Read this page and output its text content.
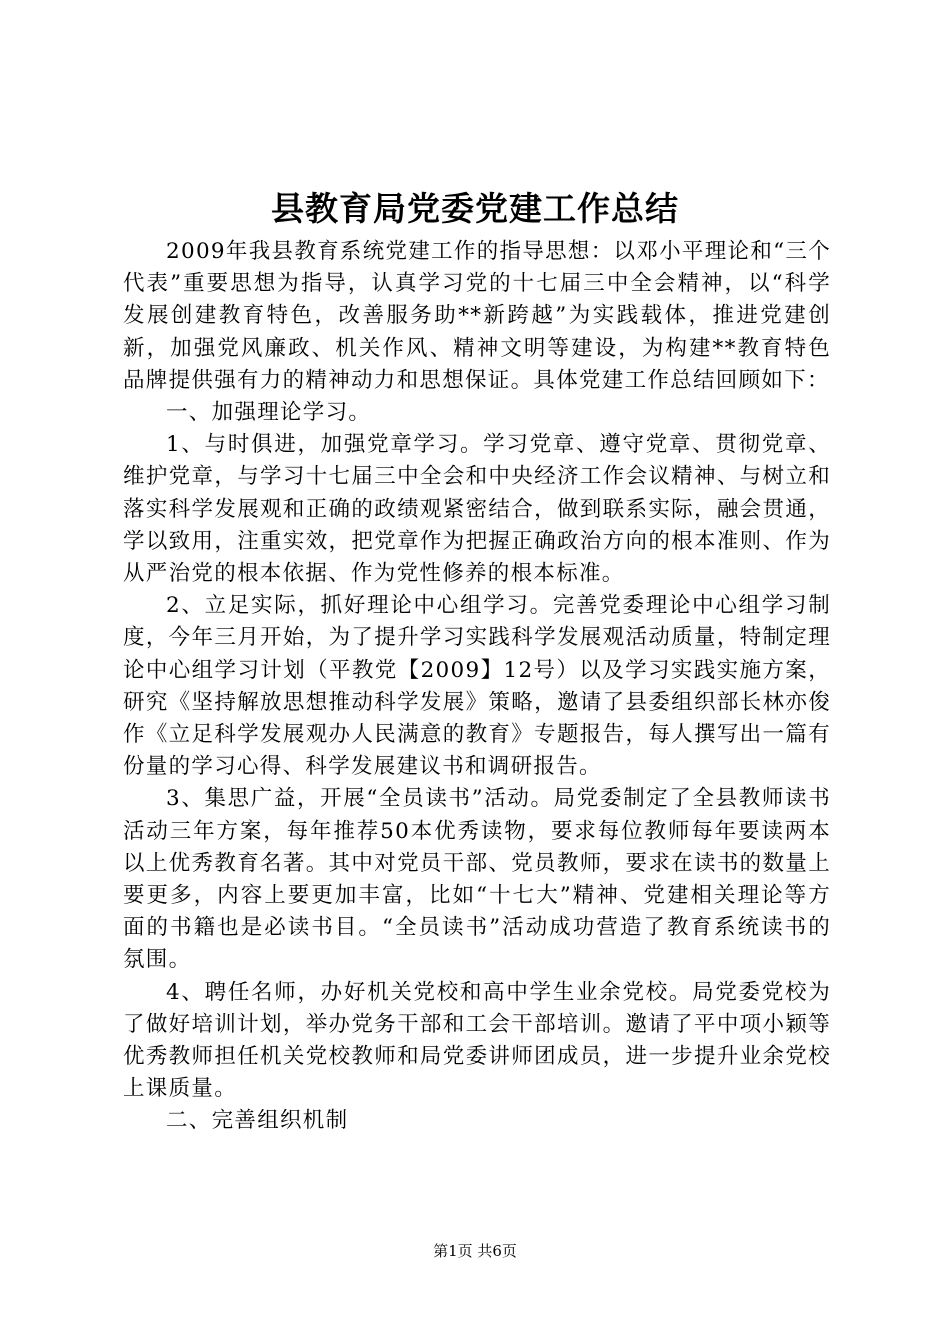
县教育局党委党建工作总结

2009年我县教育系统党建工作的指导思想：以邓小平理论和“三个代表”重要思想为指导，认真学习党的十七届三中全会精神，以“科学发展创建教育特色，改善服务助**新跨越”为实践载体，推进党建创新，加强党风廉政、机关作风、精神文明等建设，为构建**教育特色品牌提供强有力的精神动力和思想保证。具体党建工作总结回顾如下：

一、加强理论学习。

1、与时俱进，加强党章学习。学习党章、遵守党章、贯彻党章、维护党章，与学习十七届三中全会和中央经济工作会议精神、与树立和落实科学发展观和正确的政绩观紧密结合，做到联系实际，融会贯通，学以致用，注重实效，把党章作为把握正确政治方向的根本准则、作为从严治党的根本依据、作为党性修养的根本标准。

2、立足实际，抓好理论中心组学习。完善党委理论中心组学习制度，今年三月开始，为了提升学习实践科学发展观活动质量，特制定理论中心组学习计划（平教党【2009】12号）以及学习实践实施方案，研究《坚持解放思想推动科学发展》策略，邀请了县委组织部长林亦俊作《立足科学发展观办人民满意的教育》专题报告，每人撰写出一篇有份量的学习心得、科学发展建议书和调研报告。

3、集思广益，开展“全员读书”活动。局党委制定了全县教师读书活动三年方案，每年推荐50本优秀读物，要求每位教师每年要读两本以上优秀教育名著。其中对党员干部、党员教师，要求在读书的数量上要更多，内容上要更加丰富，比如“十七大”精神、党建相关理论等方面的书籍也是必读书目。“全员读书”活动成功营造了教育系统读书的氛围。

4、聘任名师，办好机关党校和高中学生业余党校。局党委党校为了做好培训计划，举办党务干部和工会干部培训。邀请了平中项小颖等优秀教师担任机关党校教师和局党委讲师团成员，进一步提升业余党校上课质量。

二、完善组织机制

第1页 共6页
